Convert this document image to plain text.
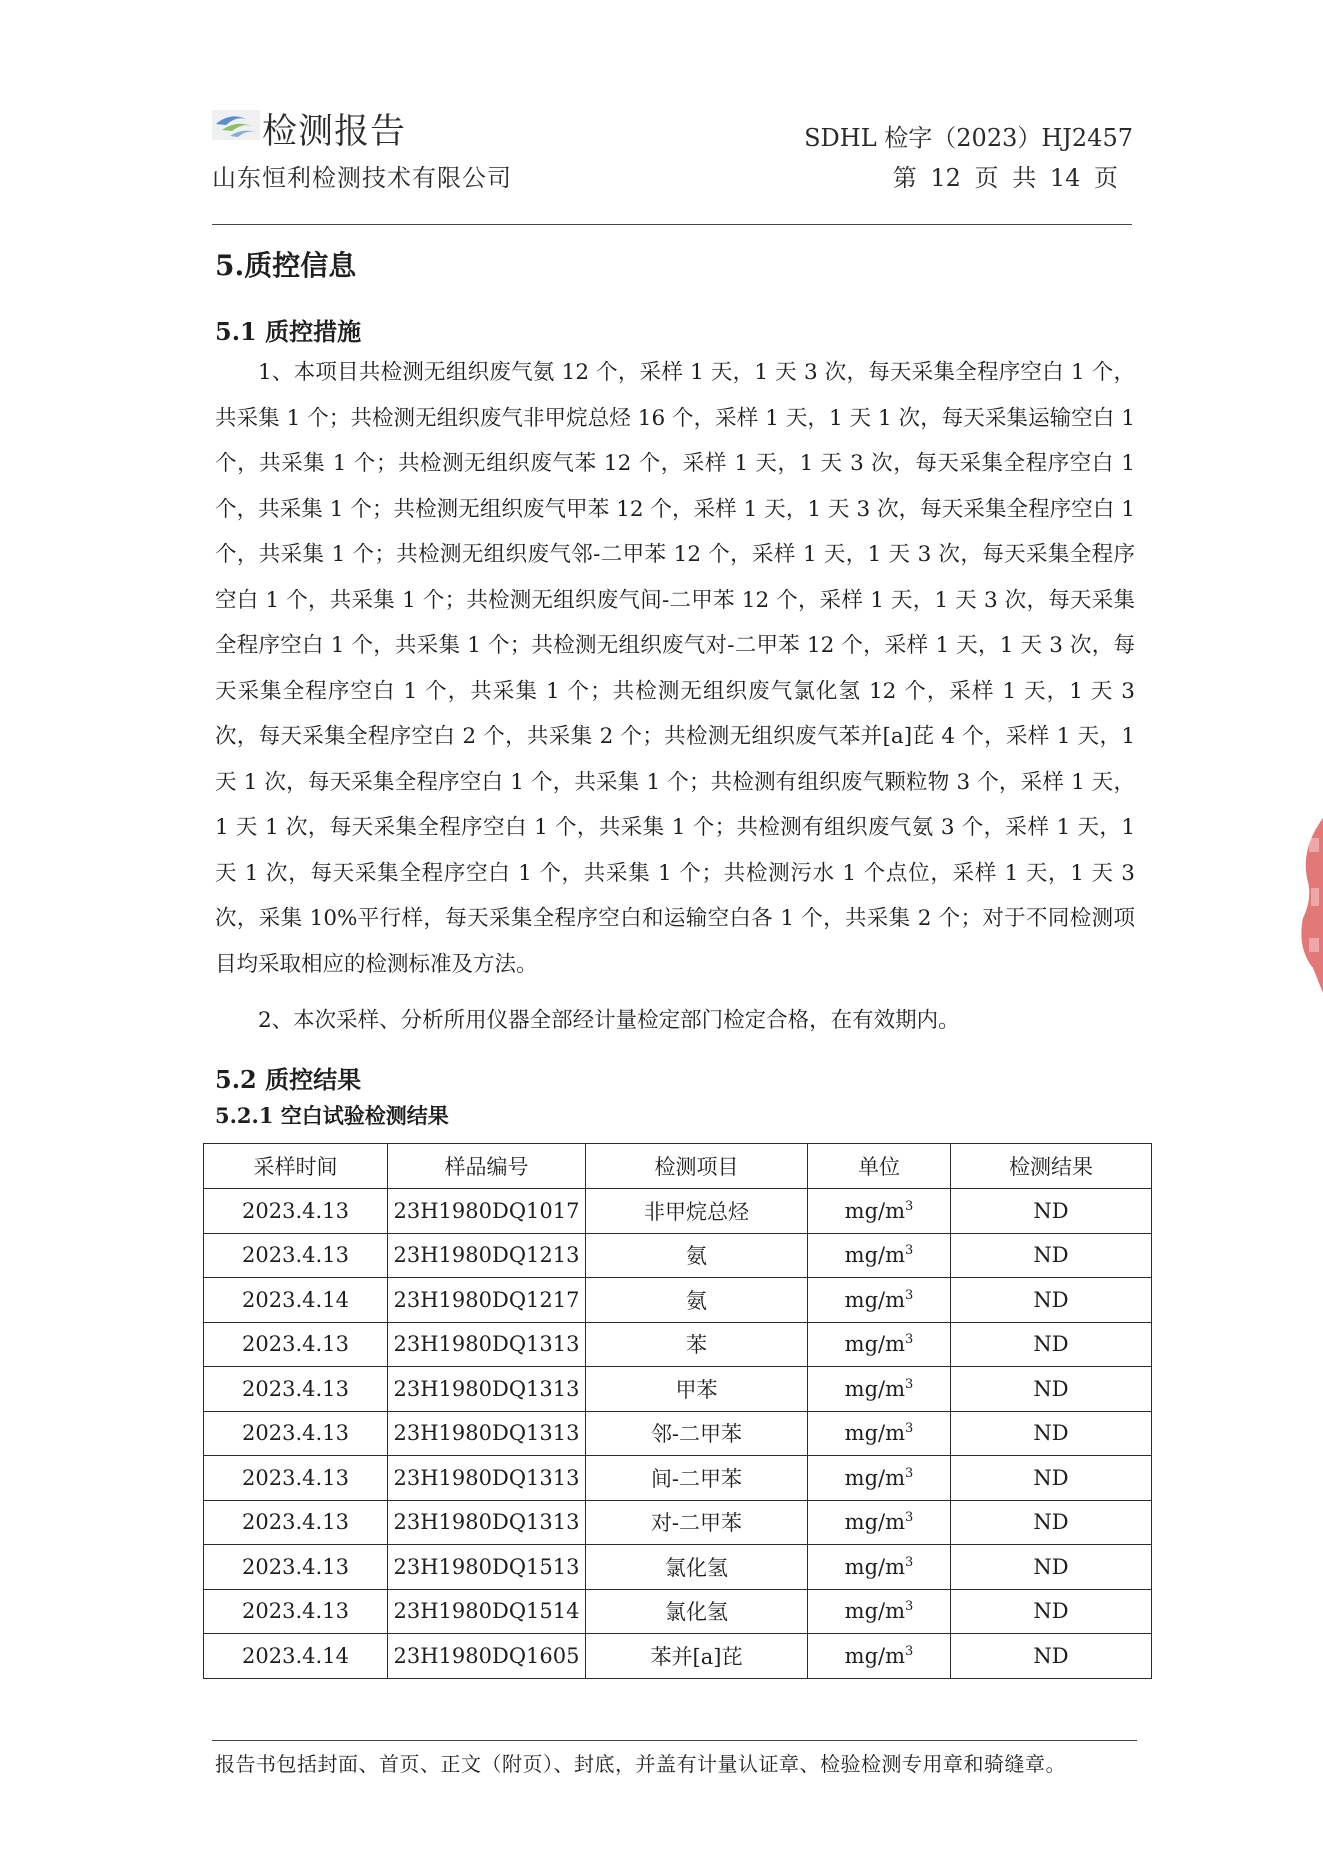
检测报告
山东恒利检测技术有限公司
SDHL 检字（2023）HJ2457
第 12 页 共 14 页
5.质控信息
5.1 质控措施
1、本项目共检测无组织废气氨 12 个，采样 1 天，1 天 3 次，每天采集全程序空白 1 个，共采集 1 个；共检测无组织废气非甲烷总烃 16 个，采样 1 天，1 天 1 次，每天采集运输空白 1 个，共采集 1 个；共检测无组织废气苯 12 个，采样 1 天，1 天 3 次，每天采集全程序空白 1 个，共采集 1 个；共检测无组织废气甲苯 12 个，采样 1 天，1 天 3 次，每天采集全程序空白 1 个，共采集 1 个；共检测无组织废气邻-二甲苯 12 个，采样 1 天，1 天 3 次，每天采集全程序空白 1 个，共采集 1 个；共检测无组织废气间-二甲苯 12 个，采样 1 天，1 天 3 次，每天采集全程序空白 1 个，共采集 1 个；共检测无组织废气对-二甲苯 12 个，采样 1 天，1 天 3 次，每天采集全程序空白 1 个，共采集 1 个；共检测无组织废气氯化氢 12 个，采样 1 天，1 天 3 次，每天采集全程序空白 2 个，共采集 2 个；共检测无组织废气苯并[a]芘 4 个，采样 1 天，1 天 1 次，每天采集全程序空白 1 个，共采集 1 个；共检测有组织废气颗粒物 3 个，采样 1 天，1 天 1 次，每天采集全程序空白 1 个，共采集 1 个；共检测有组织废气氨 3 个，采样 1 天，1 天 1 次，每天采集全程序空白 1 个，共采集 1 个；共检测污水 1 个点位，采样 1 天，1 天 3 次，采集 10%平行样，每天采集全程序空白和运输空白各 1 个，共采集 2 个；对于不同检测项目均采取相应的检测标准及方法。
2、本次采样、分析所用仪器全部经计量检定部门检定合格，在有效期内。
5.2 质控结果
5.2.1 空白试验检测结果
采样时间	样品编号	检测项目	单位	检测结果
2023.4.13	23H1980DQ1017	非甲烷总烃	$mg/m^3$	ND
2023.4.13	23H1980DQ1213	氨	$mg/m^3$	ND
2023.4.14	23H1980DQ1217	氨	$mg/m^3$	ND
2023.4.13	23H1980DQ1313	苯	$mg/m^3$	ND
2023.4.13	23H1980DQ1313	甲苯	$mg/m^3$	ND
2023.4.13	23H1980DQ1313	邻-二甲苯	$mg/m^3$	ND
2023.4.13	23H1980DQ1313	间-二甲苯	$mg/m^3$	ND
2023.4.13	23H1980DQ1313	对-二甲苯	$mg/m^3$	ND
2023.4.13	23H1980DQ1513	氯化氢	$mg/m^3$	ND
2023.4.13	23H1980DQ1514	氯化氢	$mg/m^3$	ND
2023.4.14	23H1980DQ1605	苯并[a]芘	$mg/m^3$	ND
报告书包括封面、首页、正文（附页）、封底，并盖有计量认证章、检验检测专用章和骑缝章。
